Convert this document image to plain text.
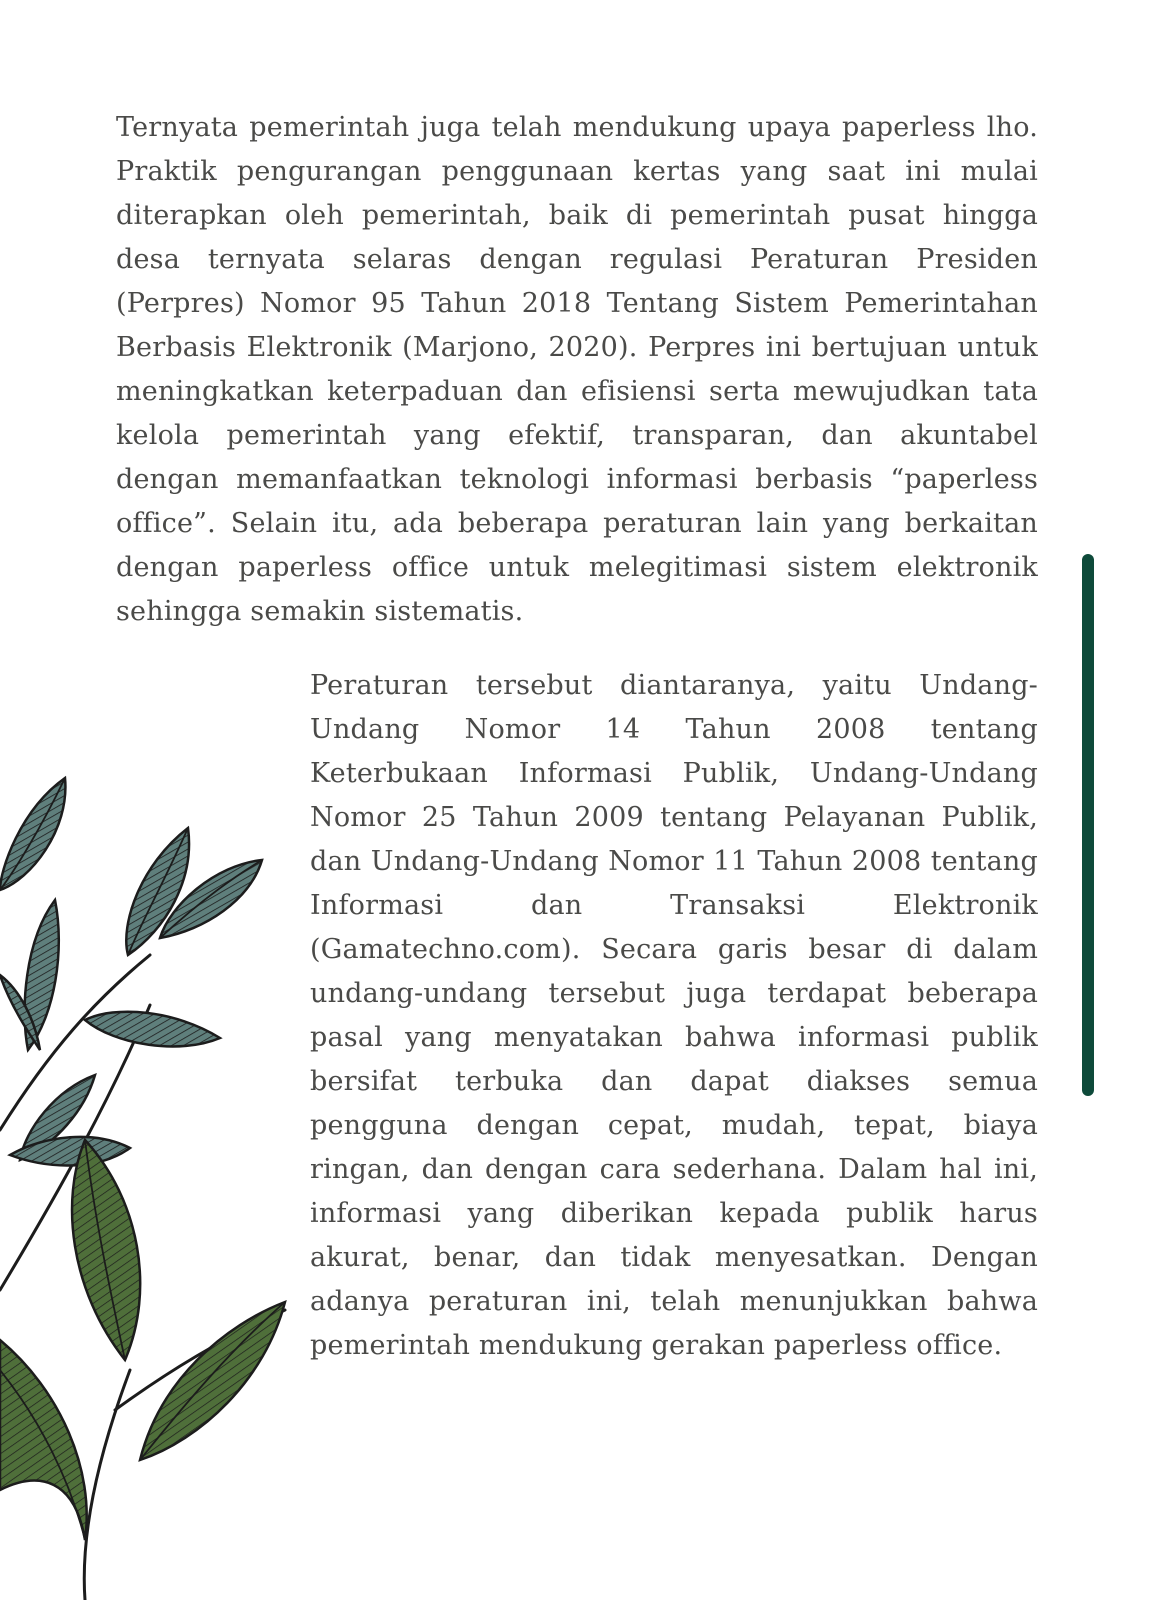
Ternyata pemerintah juga telah mendukung upaya paperless lho. Praktik pengurangan penggunaan kertas yang saat ini mulai diterapkan oleh pemerintah, baik di pemerintah pusat hingga desa ternyata selaras dengan regulasi Peraturan Presiden (Perpres) Nomor 95 Tahun 2018 Tentang Sistem Pemerintahan Berbasis Elektronik (Marjono, 2020). Perpres ini bertujuan untuk meningkatkan keterpaduan dan efisiensi serta mewujudkan tata kelola pemerintah yang efektif, transparan, dan akuntabel dengan memanfaatkan teknologi informasi berbasis “paperless office”. Selain itu, ada beberapa peraturan lain yang berkaitan dengan paperless office untuk melegitimasi sistem elektronik sehingga semakin sistematis.

Peraturan tersebut diantaranya, yaitu Undang-Undang Nomor 14 Tahun 2008 tentang Keterbukaan Informasi Publik, Undang-Undang Nomor 25 Tahun 2009 tentang Pelayanan Publik, dan Undang-Undang Nomor 11 Tahun 2008 tentang Informasi dan Transaksi Elektronik (Gamatechno.com). Secara garis besar di dalam undang-undang tersebut juga terdapat beberapa pasal yang menyatakan bahwa informasi publik bersifat terbuka dan dapat diakses semua pengguna dengan cepat, mudah, tepat, biaya ringan, dan dengan cara sederhana. Dalam hal ini, informasi yang diberikan kepada publik harus akurat, benar, dan tidak menyesatkan. Dengan adanya peraturan ini, telah menunjukkan bahwa pemerintah mendukung gerakan paperless office.
